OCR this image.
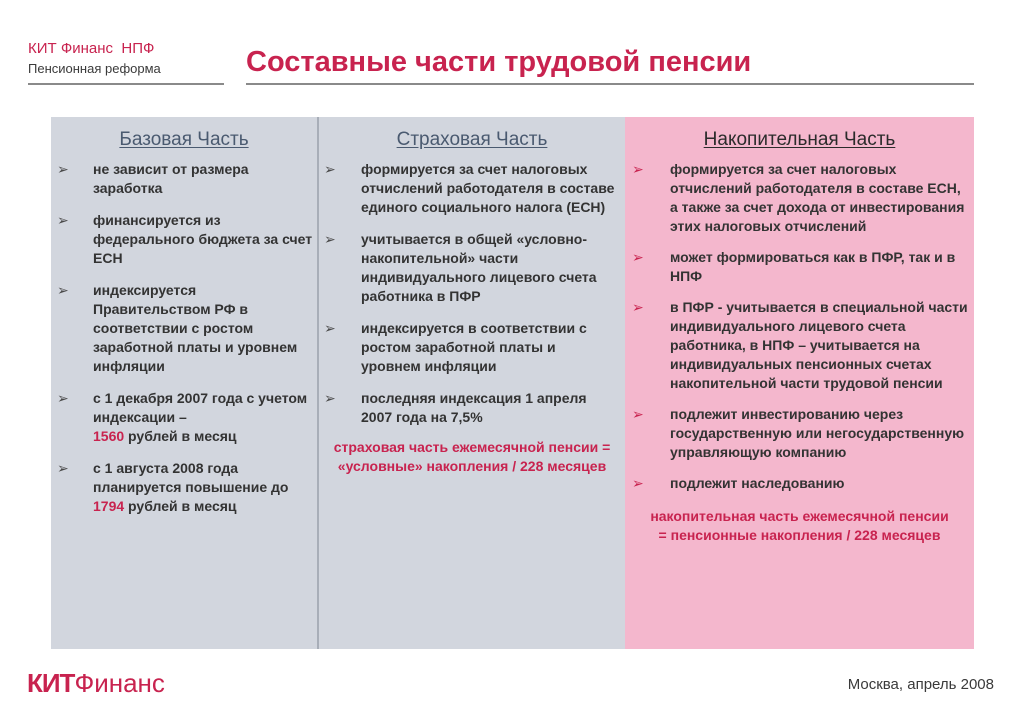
КИТ Финанс НПФ
Пенсионная реформа	Составные части трудовой пенсии
Базовая Часть
➢ не зависит от размера заработка
➢ финансируется из федерального бюджета за счет ЕСН
➢ индексируется Правительством РФ в соответствии с ростом заработной платы и уровнем инфляции
➢ с 1 декабря 2007 года с учетом индексации –
1560 рублей в месяц
➢ с 1 августа 2008 года планируется повышение до 1794 рублей в месяц
Страховая Часть
➢ формируется за счет налоговых отчислений работодателя в составе единого социального налога (ЕСН)
➢ учитывается в общей «условно-накопительной» части индивидуального лицевого счета работника в ПФР
➢ индексируется в соответствии с ростом заработной платы и уровнем инфляции
➢ последняя индексация 1 апреля 2007 года на 7,5%
страховая часть ежемесячной пенсии =
«условные» накопления / 228 месяцев
Накопительная Часть
➢ формируется за счет налоговых отчислений работодателя в составе ЕСН, а также за счет дохода от инвестирования этих налоговых отчислений
➢ может формироваться как в ПФР, так и в НПФ
➢ в ПФР - учитывается в специальной части индивидуального лицевого счета работника, в НПФ – учитывается на индивидуальных пенсионных счетах накопительной части трудовой пенсии
➢ подлежит инвестированию через государственную или негосударственную управляющую компанию
➢ подлежит наследованию
накопительная часть ежемесячной пенсии
= пенсионные накопления / 228 месяцев
КИТФинанс	Москва, апрель 2008
